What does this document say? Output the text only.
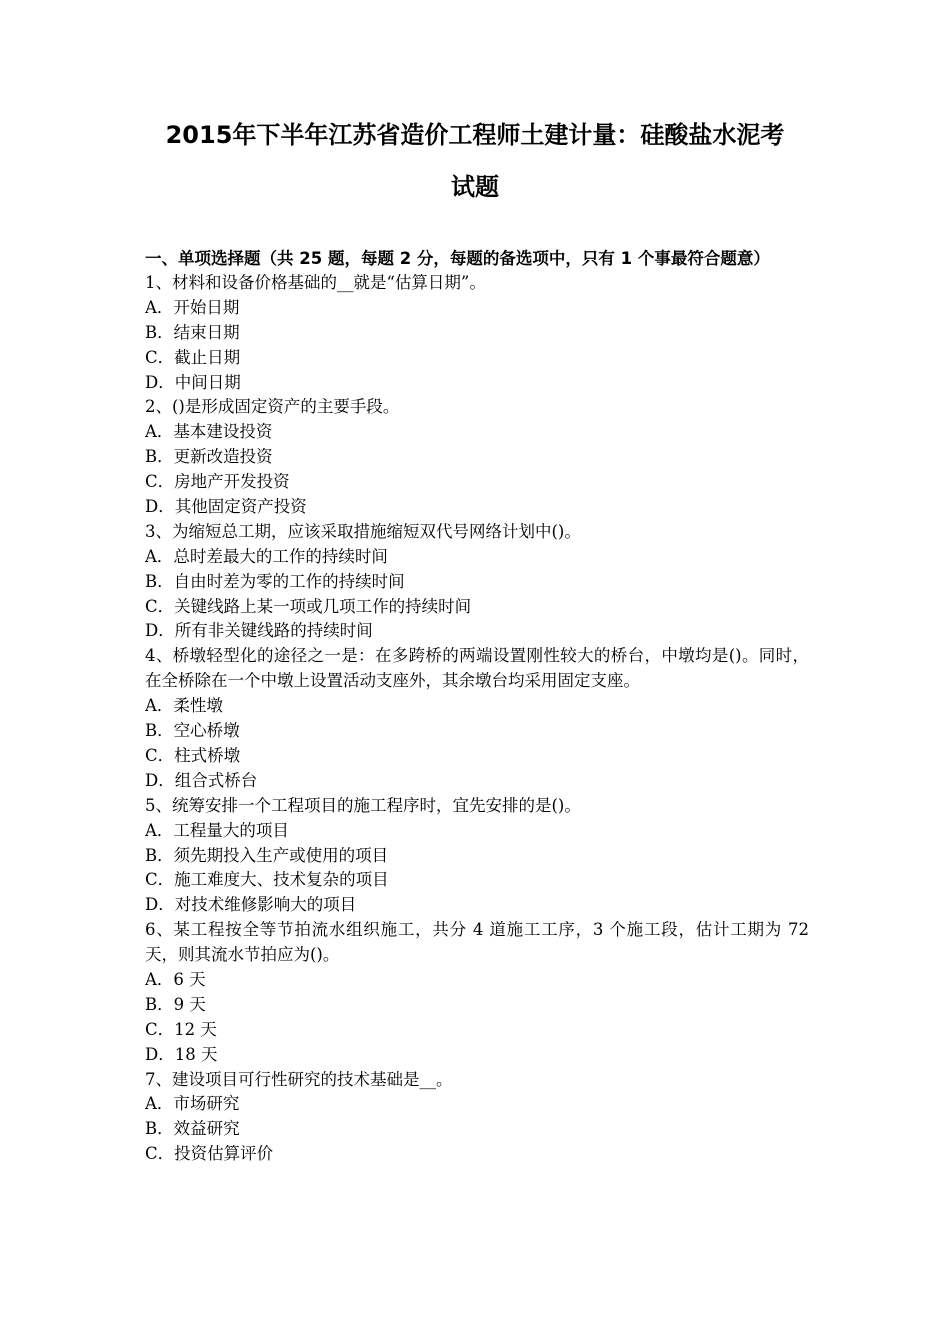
2015年下半年江苏省造价工程师土建计量：硅酸盐水泥考
试题

一、单项选择题（共 25 题，每题 2 分，每题的备选项中，只有 1 个事最符合题意）

1、材料和设备价格基础的__就是“估算日期”。

A．开始日期

B．结束日期

C．截止日期

D．中间日期

2、()是形成固定资产的主要手段。

A．基本建设投资

B．更新改造投资

C．房地产开发投资

D．其他固定资产投资

3、为缩短总工期，应该采取措施缩短双代号网络计划中()。

A．总时差最大的工作的持续时间

B．自由时差为零的工作的持续时间

C．关键线路上某一项或几项工作的持续时间

D．所有非关键线路的持续时间

4、桥墩轻型化的途径之一是：在多跨桥的两端设置刚性较大的桥台，中墩均是()。同时，在全桥除在一个中墩上设置活动支座外，其余墩台均采用固定支座。

A．柔性墩

B．空心桥墩

C．柱式桥墩

D．组合式桥台

5、统筹安排一个工程项目的施工程序时，宜先安排的是()。

A．工程量大的项目

B．须先期投入生产或使用的项目

C．施工难度大、技术复杂的项目

D．对技术维修影响大的项目

6、某工程按全等节拍流水组织施工，共分 4 道施工工序，3 个施工段，估计工期为 72 天，则其流水节拍应为()。

A．6 天

B．9 天

C．12 天

D．18 天

7、建设项目可行性研究的技术基础是__。

A．市场研究

B．效益研究

C．投资估算评价
